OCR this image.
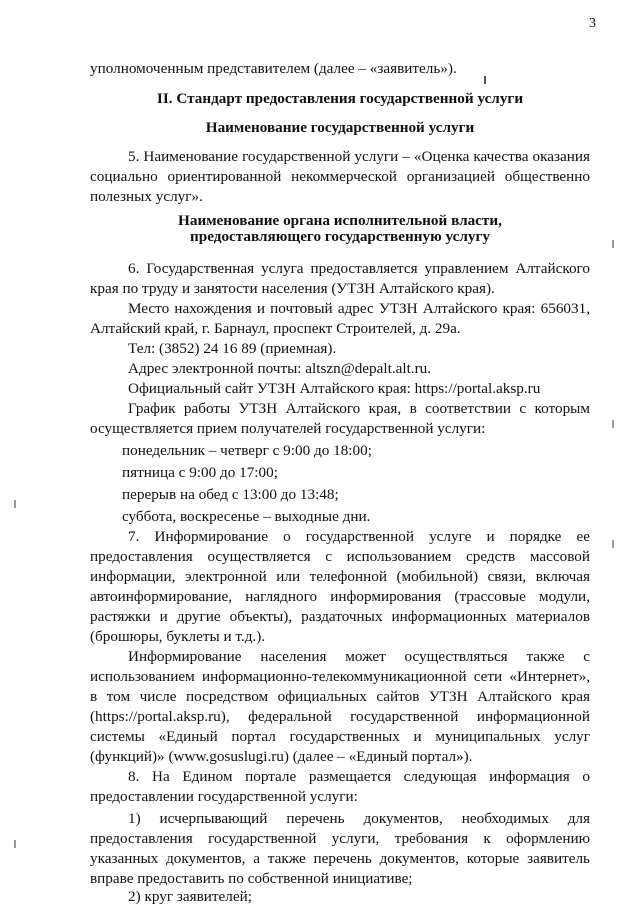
3
уполномоченным представителем (далее – «заявитель»).
II. Стандарт предоставления государственной услуги
Наименование государственной услуги
5. Наименование государственной услуги – «Оценка качества оказания
социально ориентированной некоммерческой организацией общественно
полезных услуг».
Наименование органа исполнительной власти,
предоставляющего государственную услугу
6. Государственная услуга предоставляется управлением Алтайского
края по труду и занятости населения (УТЗН Алтайского края).
Место нахождения и почтовый адрес УТЗН Алтайского края: 656031,
Алтайский край, г. Барнаул, проспект Строителей, д. 29а.
Тел: (3852) 24 16 89 (приемная).
Адрес электронной почты: altszn@depalt.alt.ru.
Официальный сайт УТЗН Алтайского края: https://portal.aksp.ru
График работы УТЗН Алтайского края, в соответствии с которым
осуществляется прием получателей государственной услуги:
понедельник – четверг с 9:00 до 18:00;
пятница с 9:00 до 17:00;
перерыв на обед с 13:00 до 13:48;
суббота, воскресенье – выходные дни.
7. Информирование о государственной услуге и порядке ее
предоставления осуществляется с использованием средств массовой
информации, электронной или телефонной (мобильной) связи, включая
автоинформирование, наглядного информирования (трассовые модули,
растяжки и другие объекты), раздаточных информационных материалов
(брошюры, буклеты и т.д.).
Информирование населения может осуществляться также с
использованием информационно-телекоммуникационной сети «Интернет»,
в том числе посредством официальных сайтов УТЗН Алтайского края
(https://portal.aksp.ru), федеральной государственной информационной
системы «Единый портал государственных и муниципальных услуг
(функций)» (www.gosuslugi.ru) (далее – «Единый портал»).
8. На Едином портале размещается следующая информация о
предоставлении государственной услуги:
1) исчерпывающий перечень документов, необходимых для
предоставления государственной услуги, требования к оформлению
указанных документов, а также перечень документов, которые заявитель
вправе предоставить по собственной инициативе;
2) круг заявителей;
